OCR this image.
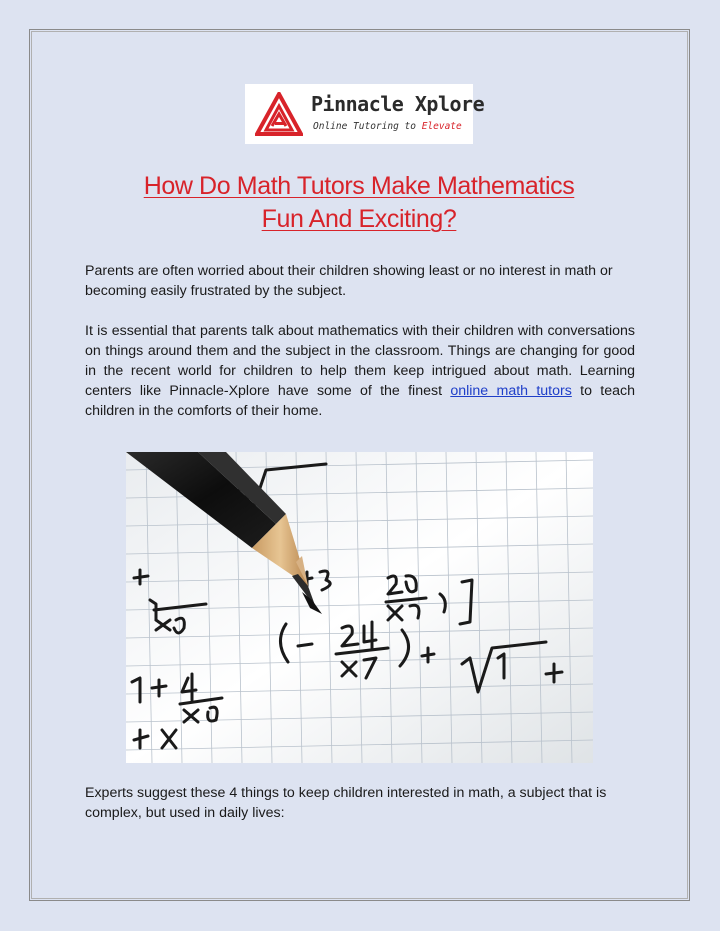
Pinnacle Xplore
Online Tutoring to Elevate
How Do Math Tutors Make Mathematics
Fun And Exciting?

Parents are often worried about their children showing least or no interest in math or becoming easily frustrated by the subject.

It is essential that parents talk about mathematics with their children with conversations on things around them and the subject in the classroom. Things are changing for good in the recent world for children to help them keep intrigued about math. Learning centers like Pinnacle-Xplore have some of the finest online math tutors to teach children in the comforts of their home.

Experts suggest these 4 things to keep children interested in math, a subject that is complex, but used in daily lives:
